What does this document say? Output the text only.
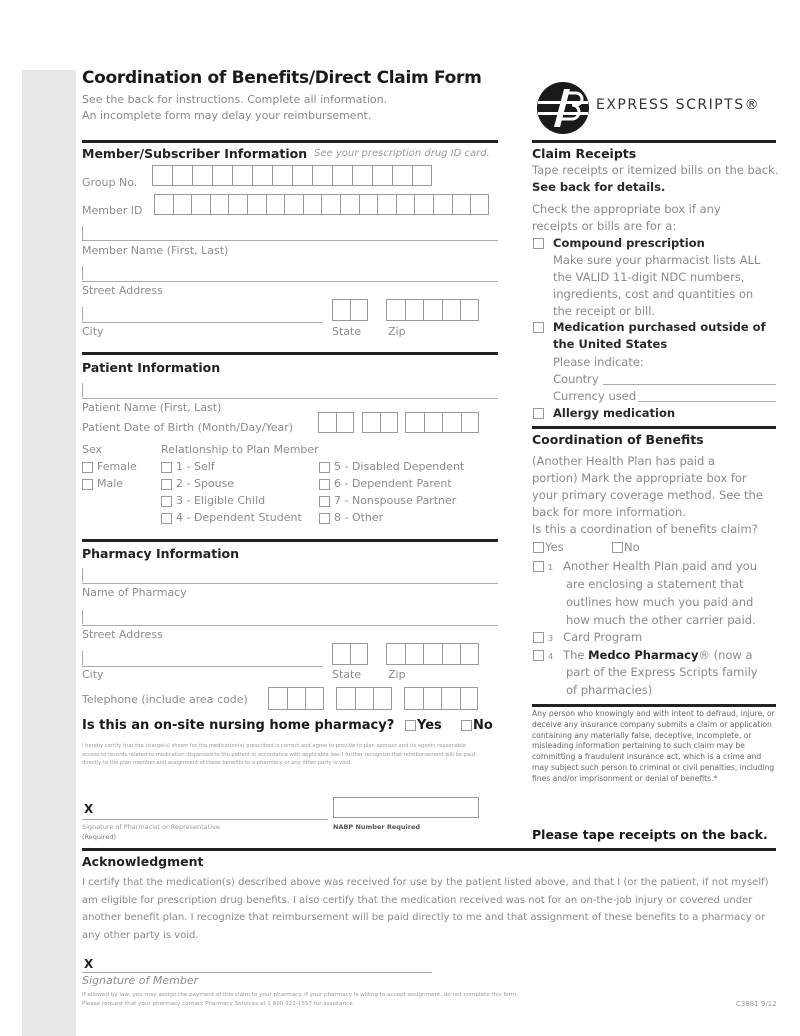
Coordination of Benefits/Direct Claim Form
See the back for instructions. Complete all information.
An incomplete form may delay your reimbursement.
EXPRESS SCRIPTS®
Member/Subscriber Information See your prescription drug ID card.
Group No.
Member ID
Member Name (First, Last)
Street Address
City	State Zip
Patient Information
Patient Name (First, Last)
Patient Date of Birth (Month/Day/Year)
Sex	Relationship to Plan Member
Female
Male
1 - Self
2 - Spouse
3 - Eligible Child
4 - Dependent Student
5 - Disabled Dependent
6 - Dependent Parent
7 - Nonspouse Partner
8 - Other
Pharmacy Information
Name of Pharmacy
Street Address
City	State Zip
Telephone (include area code)
Is this an on-site nursing home pharmacy?	Yes	No
I hereby certify that the charge(s) shown for the medication(s) prescribed is correct and agree to provide to plan sponsor and its agents reasonable access to records related to medication dispensed to the patient in accordance with applicable law. I further recognize that reimbursement will be paid directly to the plan member and assignment of these benefits to a pharmacy or any other party is void.
X
Signature of Pharmacist or Representative
(Required)
NABP Number Required
Claim Receipts
Tape receipts or itemized bills on the back.
See back for details.
Check the appropriate box if any
receipts or bills are for a:
Compound prescription
Make sure your pharmacist lists ALL
the VALID 11-digit NDC numbers,
ingredients, cost and quantities on
the receipt or bill.
Medication purchased outside of
the United States
Please indicate:
Country
Currency used
Allergy medication
Coordination of Benefits
(Another Health Plan has paid a
portion) Mark the appropriate box for
your primary coverage method. See the
back for more information.
Is this a coordination of benefits claim?
Yes	No
1 Another Health Plan paid and you
are enclosing a statement that
outlines how much you paid and
how much the other carrier paid.
3 Card Program
4 The Medco Pharmacy® (now a
part of the Express Scripts family
of pharmacies)
Any person who knowingly and with intent to defraud, injure, or deceive any insurance company submits a claim or application containing any materially false, deceptive, incomplete, or misleading information pertaining to such claim may be committing a fraudulent insurance act, which is a crime and may subject such person to criminal or civil penalties, including fines and/or imprisonment or denial of benefits.*
Please tape receipts on the back.
Acknowledgment
I certify that the medication(s) described above was received for use by the patient listed above, and that I (or the patient, if not myself) am eligible for prescription drug benefits. I also certify that the medication received was not for an on-the-job injury or covered under another benefit plan. I recognize that reimbursement will be paid directly to me and that assignment of these benefits to a pharmacy or any other party is void.
X
Signature of Member
If allowed by law, you may assign the payment of this claim to your pharmacy. If your pharmacy is willing to accept assignment, do not complete this form.
Please request that your pharmacy contact Pharmacy Services at 1 800 922-1557 for assistance.	C3881 9/12
